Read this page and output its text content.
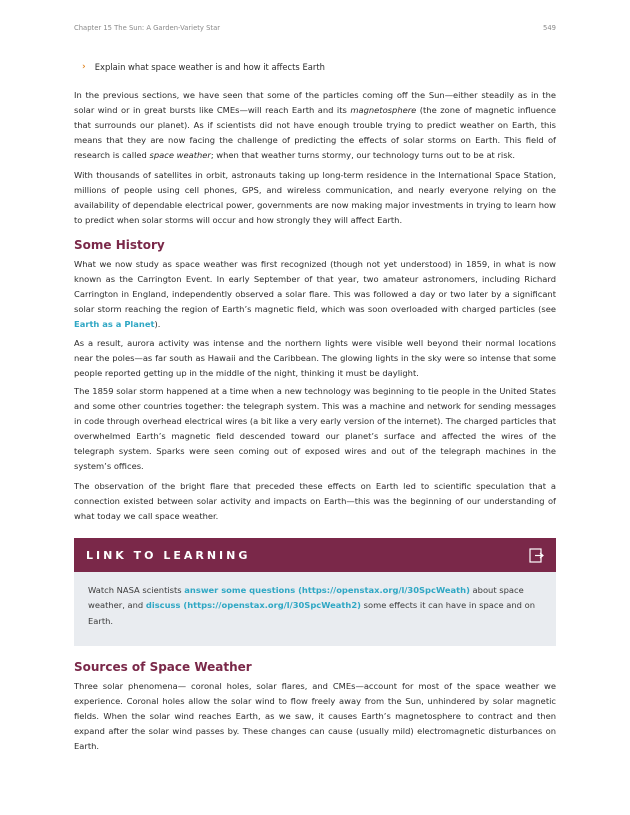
Chapter 15 The Sun: A Garden-Variety Star	549
› Explain what space weather is and how it affects Earth

In the previous sections, we have seen that some of the particles coming off the Sun—either steadily as in the solar wind or in great bursts like CMEs—will reach Earth and its magnetosphere (the zone of magnetic influence that surrounds our planet). As if scientists did not have enough trouble trying to predict weather on Earth, this means that they are now facing the challenge of predicting the effects of solar storms on Earth. This field of research is called space weather; when that weather turns stormy, our technology turns out to be at risk.

With thousands of satellites in orbit, astronauts taking up long-term residence in the International Space Station, millions of people using cell phones, GPS, and wireless communication, and nearly everyone relying on the availability of dependable electrical power, governments are now making major investments in trying to learn how to predict when solar storms will occur and how strongly they will affect Earth.

Some History

What we now study as space weather was first recognized (though not yet understood) in 1859, in what is now known as the Carrington Event. In early September of that year, two amateur astronomers, including Richard Carrington in England, independently observed a solar flare. This was followed a day or two later by a significant solar storm reaching the region of Earth’s magnetic field, which was soon overloaded with charged particles (see Earth as a Planet).

As a result, aurora activity was intense and the northern lights were visible well beyond their normal locations near the poles—as far south as Hawaii and the Caribbean. The glowing lights in the sky were so intense that some people reported getting up in the middle of the night, thinking it must be daylight.

The 1859 solar storm happened at a time when a new technology was beginning to tie people in the United States and some other countries together: the telegraph system. This was a machine and network for sending messages in code through overhead electrical wires (a bit like a very early version of the internet). The charged particles that overwhelmed Earth’s magnetic field descended toward our planet’s surface and affected the wires of the telegraph system. Sparks were seen coming out of exposed wires and out of the telegraph machines in the system’s offices.

The observation of the bright flare that preceded these effects on Earth led to scientific speculation that a connection existed between solar activity and impacts on Earth—this was the beginning of our understanding of what today we call space weather.

LINK TO LEARNING
Watch NASA scientists answer some questions (https://openstax.org/l/30SpcWeath) about space weather, and discuss (https://openstax.org/l/30SpcWeath2) some effects it can have in space and on Earth.
Sources of Space Weather

Three solar phenomena— coronal holes, solar flares, and CMEs—account for most of the space weather we experience. Coronal holes allow the solar wind to flow freely away from the Sun, unhindered by solar magnetic fields. When the solar wind reaches Earth, as we saw, it causes Earth’s magnetosphere to contract and then expand after the solar wind passes by. These changes can cause (usually mild) electromagnetic disturbances on Earth.
